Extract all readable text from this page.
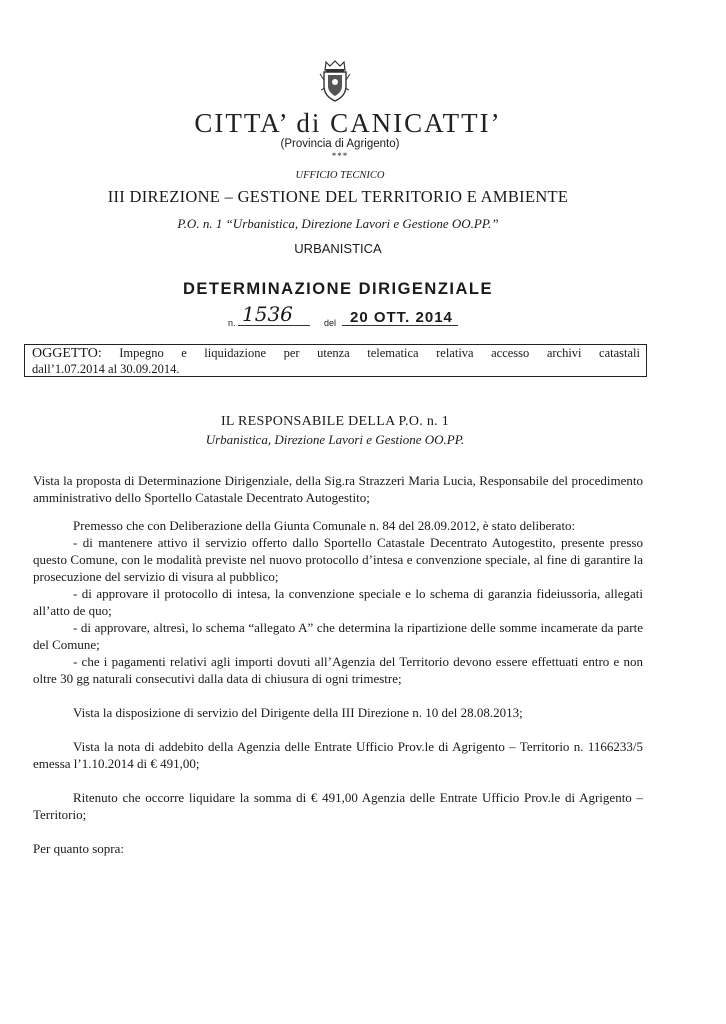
CITTA’ di CANICATTI’
(Provincia di Agrigento)
***
UFFICIO TECNICO
III DIREZIONE – GESTIONE DEL TERRITORIO E AMBIENTE
P.O. n. 1 “Urbanistica, Direzione Lavori e Gestione OO.PP.”
URBANISTICA
DETERMINAZIONE DIRIGENZIALE
n. 1536	del 20 OTT. 2014
OGGETTO: Impegno e liquidazione per utenza telematica relativa accesso archivi catastali
dall’1.07.2014 al 30.09.2014.
IL RESPONSABILE DELLA P.O. n. 1
Urbanistica, Direzione Lavori e Gestione OO.PP.

Vista la proposta di Determinazione Dirigenziale, della Sig.ra Strazzeri Maria Lucia, Responsabile del procedimento amministrativo dello Sportello Catastale Decentrato Autogestito;

Premesso che con Deliberazione della Giunta Comunale n. 84 del 28.09.2012, è stato deliberato:

- di mantenere attivo il servizio offerto dallo Sportello Catastale Decentrato Autogestito, presente presso questo Comune, con le modalità previste nel nuovo protocollo d’intesa e convenzione speciale, al fine di garantire la prosecuzione del servizio di visura al pubblico;

- di approvare il protocollo di intesa, la convenzione speciale e lo schema di garanzia fideiussoria, allegati all’atto de quo;

- di approvare, altresì, lo schema “allegato A” che determina la ripartizione delle somme incamerate da parte del Comune;

- che i pagamenti relativi agli importi dovuti all’Agenzia del Territorio devono essere effettuati entro e non oltre 30 gg naturali consecutivi dalla data di chiusura di ogni trimestre;

Vista la disposizione di servizio del Dirigente della III Direzione n. 10 del 28.08.2013;

Vista la nota di addebito della Agenzia delle Entrate Ufficio Prov.le di Agrigento – Territorio n. 1166233/5 emessa l’1.10.2014 di € 491,00;

Ritenuto che occorre liquidare la somma di € 491,00 Agenzia delle Entrate Ufficio Prov.le di Agrigento – Territorio;

Per quanto sopra:
